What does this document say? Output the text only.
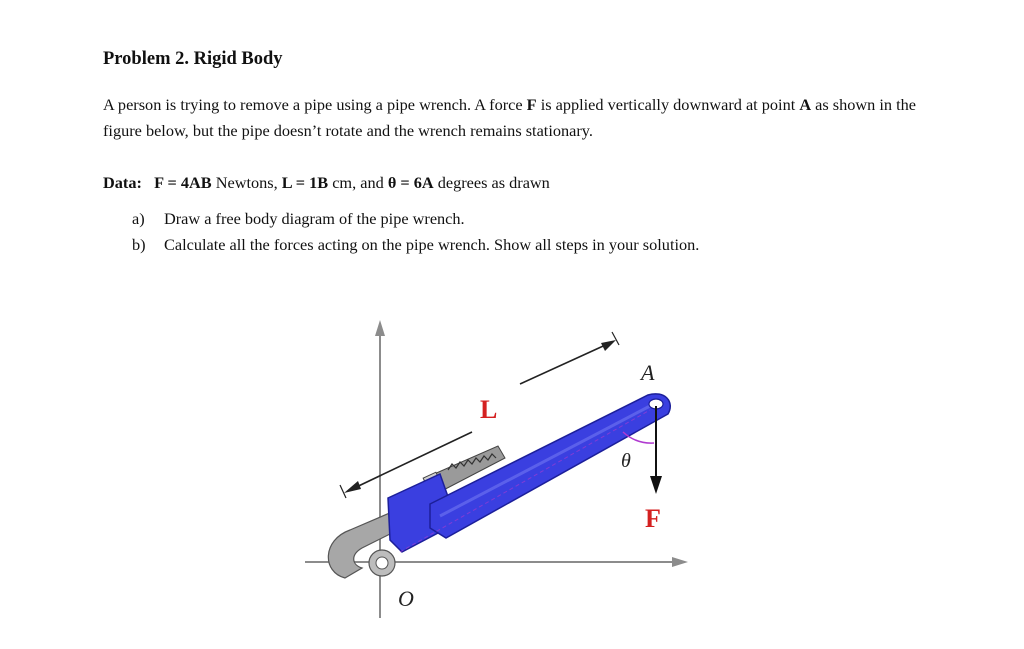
Problem 2. Rigid Body

A person is trying to remove a pipe using a pipe wrench. A force F is applied vertically downward at point A as shown in the figure below, but the pipe doesn’t rotate and the wrench remains stationary.

Data: F = 4AB Newtons, L = 1B cm, and θ = 6A degrees as drawn

a)	Draw a free body diagram of the pipe wrench.
b)	Calculate all the forces acting on the pipe wrench. Show all steps in your solution.
A
L
θ
F
O
